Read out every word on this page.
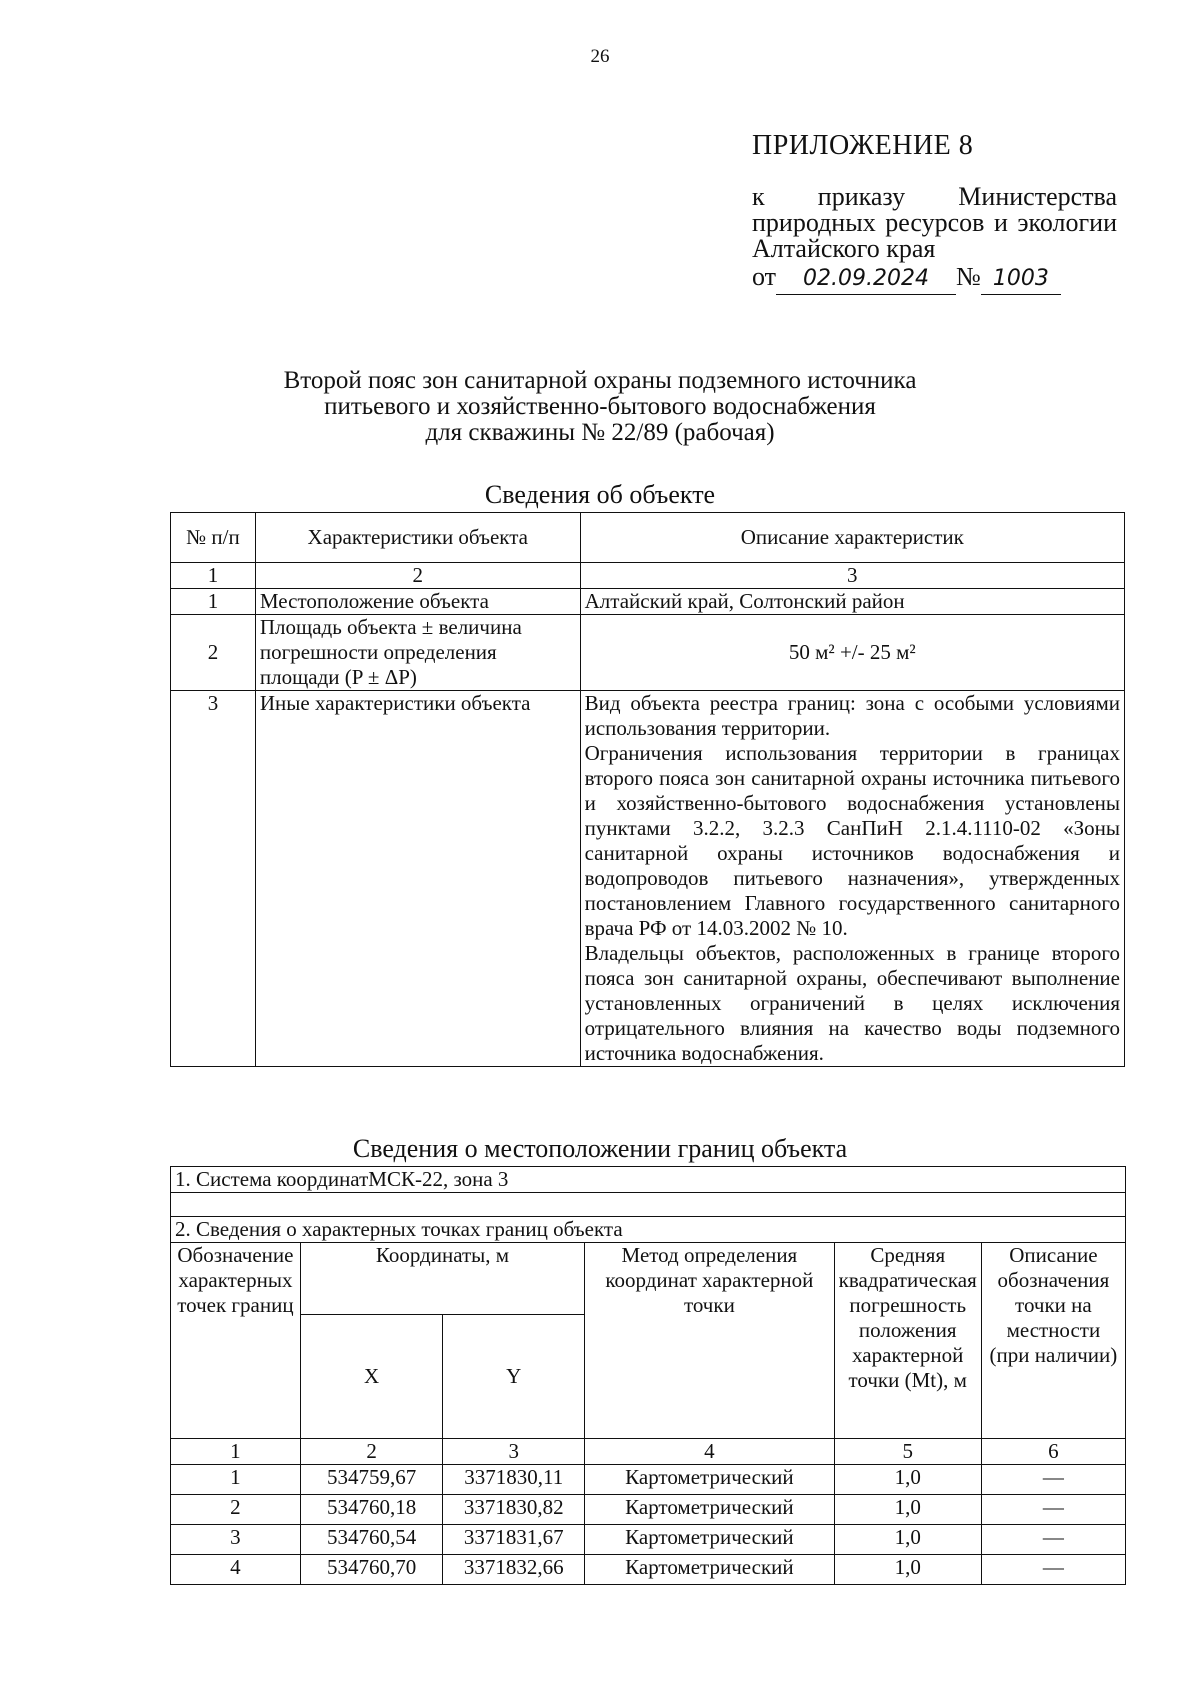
26
ПРИЛОЖЕНИЕ 8
к приказу Министерства природных ресурсов и экологии Алтайского края
от 02.09.2024 № 1003
Второй пояс зон санитарной охраны подземного источника
питьевого и хозяйственно-бытового водоснабжения
для скважины № 22/89 (рабочая)
Сведения об объекте
№ п/п	Характеристики объекта	Описание характеристик
1	2	3
1	Местоположение объекта	Алтайский край, Солтонский район
2	Площадь объекта ± величина погрешности определения площади (P ± ΔP)	50 м² +/- 25 м²
3	Иные характеристики объекта	Вид объекта реестра границ: зона с особыми условиями использования территории.
Ограничения использования территории в границах второго пояса зон санитарной охраны источника питьевого и хозяйственно-бытового водоснабжения установлены пунктами 3.2.2, 3.2.3 СанПиН 2.1.4.1110-02 «Зоны санитарной охраны источников водоснабжения и водопроводов питьевого назначения», утвержденных постановлением Главного государственного санитарного врача РФ от 14.03.2002 № 10.
Владельцы объектов, расположенных в границе второго пояса зон санитарной охраны, обеспечивают выполнение установленных ограничений в целях исключения отрицательного влияния на качество воды подземного источника водоснабжения.
Сведения о местоположении границ объекта
1. Система координатМСК-22, зона 3					

2. Сведения о характерных точках границ объекта					
Обозначение характерных точек границ	Координаты, м		Метод определения координат характерной точки	Средняя квадратическая погрешность положения характерной точки (Mt), м	Описание обозначения точки на местности (при наличии)
	X	Y			
1	2	3	4	5	6
1	534759,67	3371830,11	Картометрический	1,0	—
2	534760,18	3371830,82	Картометрический	1,0	—
3	534760,54	3371831,67	Картометрический	1,0	—
4	534760,70	3371832,66	Картометрический	1,0	—
